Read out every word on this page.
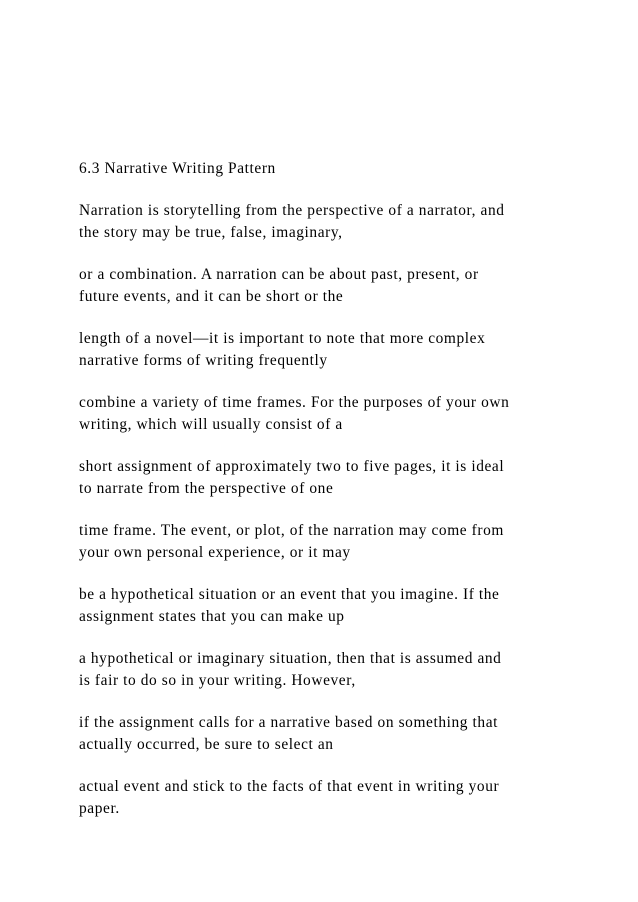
6.3 Narrative Writing Pattern
Narration is storytelling from the perspective of a narrator, and
the story may be true, false, imaginary,
or a combination. A narration can be about past, present, or
future events, and it can be short or the
length of a novel—it is important to note that more complex
narrative forms of writing frequently
combine a variety of time frames. For the purposes of your own
writing, which will usually consist of a
short assignment of approximately two to five pages, it is ideal
to narrate from the perspective of one
time frame. The event, or plot, of the narration may come from
your own personal experience, or it may
be a hypothetical situation or an event that you imagine. If the
assignment states that you can make up
a hypothetical or imaginary situation, then that is assumed and
is fair to do so in your writing. However,
if the assignment calls for a narrative based on something that
actually occurred, be sure to select an
actual event and stick to the facts of that event in writing your
paper.
